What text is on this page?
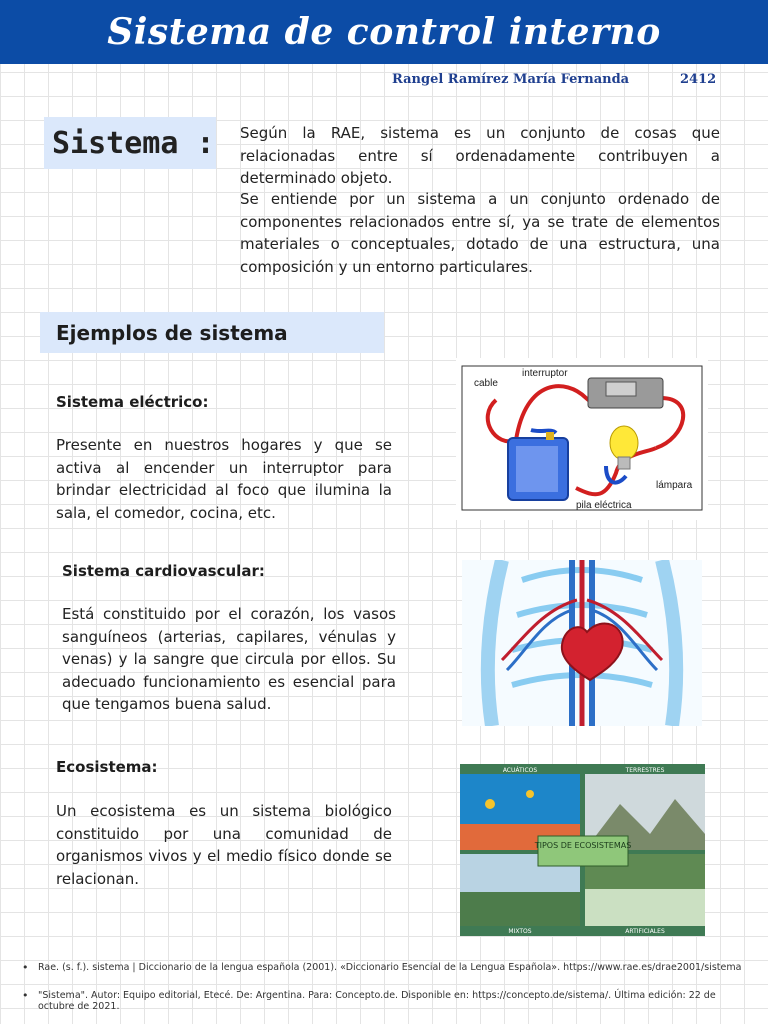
Sistema de control interno
Rangel Ramírez María Fernanda	2412
Sistema : Según la RAE, sistema es un conjunto de cosas que relacionadas entre sí ordenadamente contribuyen a determinado objeto.

Se entiende por un sistema a un conjunto ordenado de componentes relacionados entre sí, ya se trate de elementos materiales o conceptuales, dotado de una estructura, una composición y un entorno particulares.

Ejemplos de sistema
Sistema eléctrico:

Presente en nuestros hogares y que se activa al encender un interruptor para brindar electricidad al foco que ilumina la sala, el comedor, cocina, etc.

cable
interruptor
lámpara
pila eléctrica
Sistema cardiovascular:

Está constituido por el corazón, los vasos sanguíneos (arterias, capilares, vénulas y venas) y la sangre que circula por ellos. Su adecuado funcionamiento es esencial para que tengamos buena salud.

Ecosistema:

Un ecosistema es un sistema biológico constituido por una comunidad de organismos vivos y el medio físico donde se relacionan.

TIPOS DE ECOSISTEMAS
ACUÁTICOS	TERRESTRES
MIXTOS	ARTIFICIALES
• Rae. (s. f.). sistema | Diccionario de la lengua española (2001). «Diccionario Esencial de la Lengua Española». https://www.rae.es/drae2001/sistema
• "Sistema". Autor: Equipo editorial, Etecé. De: Argentina. Para: Concepto.de. Disponible en: https://concepto.de/sistema/. Última edición: 22 de octubre de 2021.
